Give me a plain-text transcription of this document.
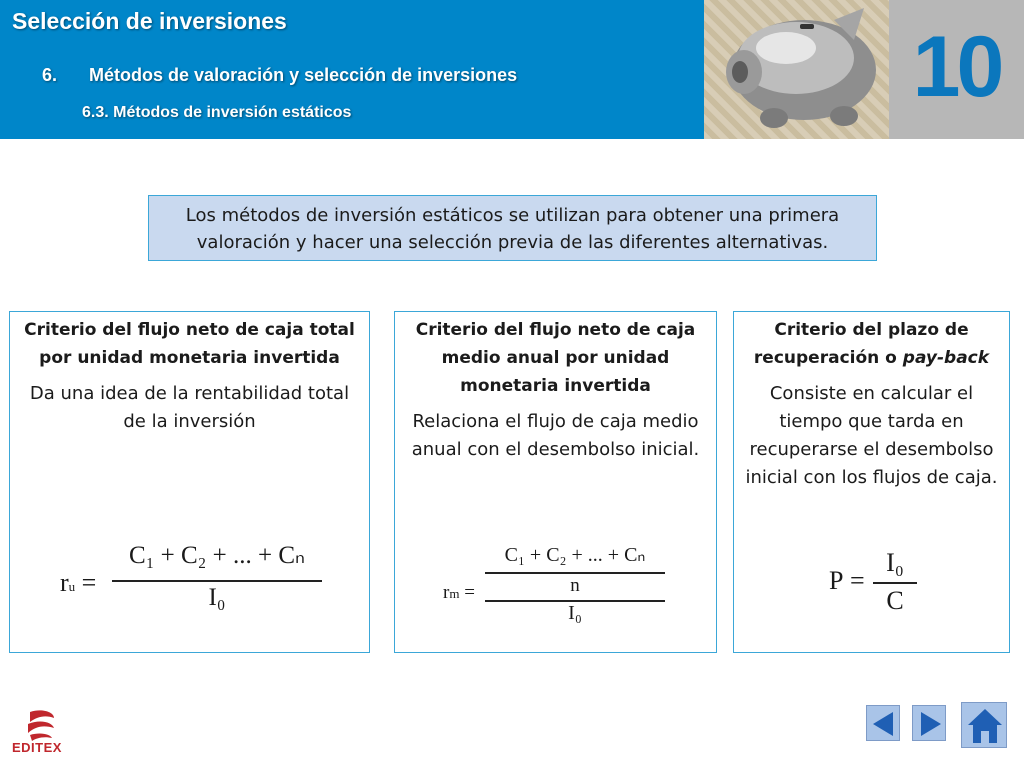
Selección de inversiones
6. Métodos de valoración y selección de inversiones
6.3. Métodos de inversión estáticos	10
Los métodos de inversión estáticos se utilizan para obtener una primera valoración y hacer una selección previa de las diferentes alternativas.
Criterio del flujo neto de caja total por unidad monetaria invertida
Da una idea de la rentabilidad total de la inversión
ru =
C₁ + C₂ + ... + Cₙ
I₀
Criterio del flujo neto de caja medio anual por unidad monetaria invertida
Relaciona el flujo de caja medio anual con el desembolso inicial.
rm =
C₁ + C₂ + ... + Cₙ
n
I₀
Criterio del plazo de recuperación o pay-back
Consiste en calcular el tiempo que tarda en recuperarse el desembolso inicial con los flujos de caja.
P =
I₀
C
EDITEX
